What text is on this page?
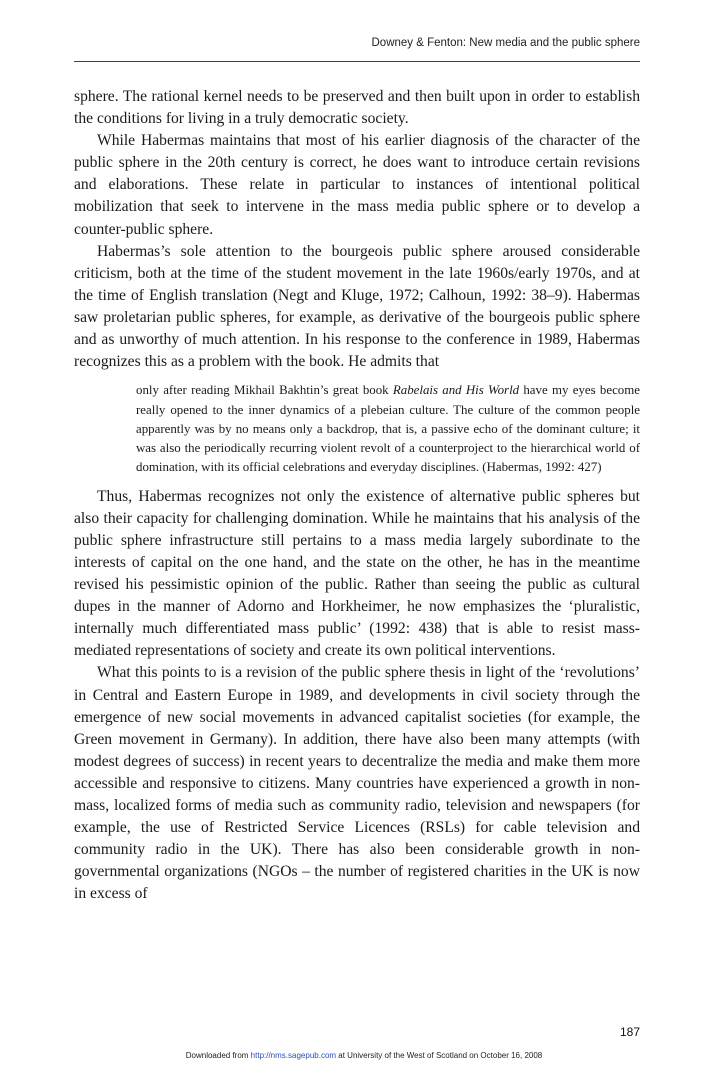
Downey & Fenton: New media and the public sphere

sphere. The rational kernel needs to be preserved and then built upon in order to establish the conditions for living in a truly democratic society.

While Habermas maintains that most of his earlier diagnosis of the character of the public sphere in the 20th century is correct, he does want to introduce certain revisions and elaborations. These relate in particular to instances of intentional political mobilization that seek to intervene in the mass media public sphere or to develop a counter-public sphere.

Habermas’s sole attention to the bourgeois public sphere aroused considerable criticism, both at the time of the student movement in the late 1960s/early 1970s, and at the time of English translation (Negt and Kluge, 1972; Calhoun, 1992: 38–9). Habermas saw proletarian public spheres, for example, as derivative of the bourgeois public sphere and as unworthy of much attention. In his response to the conference in 1989, Habermas recognizes this as a problem with the book. He admits that

only after reading Mikhail Bakhtin’s great book Rabelais and His World have my eyes become really opened to the inner dynamics of a plebeian culture. The culture of the common people apparently was by no means only a backdrop, that is, a passive echo of the dominant culture; it was also the periodically recurring violent revolt of a counterproject to the hierarchical world of domination, with its official celebrations and everyday disciplines. (Habermas, 1992: 427)

Thus, Habermas recognizes not only the existence of alternative public spheres but also their capacity for challenging domination. While he maintains that his analysis of the public sphere infrastructure still pertains to a mass media largely subordinate to the interests of capital on the one hand, and the state on the other, he has in the meantime revised his pessimistic opinion of the public. Rather than seeing the public as cultural dupes in the manner of Adorno and Horkheimer, he now emphasizes the ‘pluralistic, internally much differentiated mass public’ (1992: 438) that is able to resist mass-mediated representations of society and create its own political interventions.

What this points to is a revision of the public sphere thesis in light of the ‘revolutions’ in Central and Eastern Europe in 1989, and developments in civil society through the emergence of new social movements in advanced capitalist societies (for example, the Green movement in Germany). In addition, there have also been many attempts (with modest degrees of success) in recent years to decentralize the media and make them more accessible and responsive to citizens. Many countries have experienced a growth in non-mass, localized forms of media such as community radio, television and newspapers (for example, the use of Restricted Service Licences (RSLs) for cable television and community radio in the UK). There has also been considerable growth in non-governmental organizations (NGOs – the number of registered charities in the UK is now in excess of

187
Downloaded from http://nms.sagepub.com at University of the West of Scotland on October 16, 2008
